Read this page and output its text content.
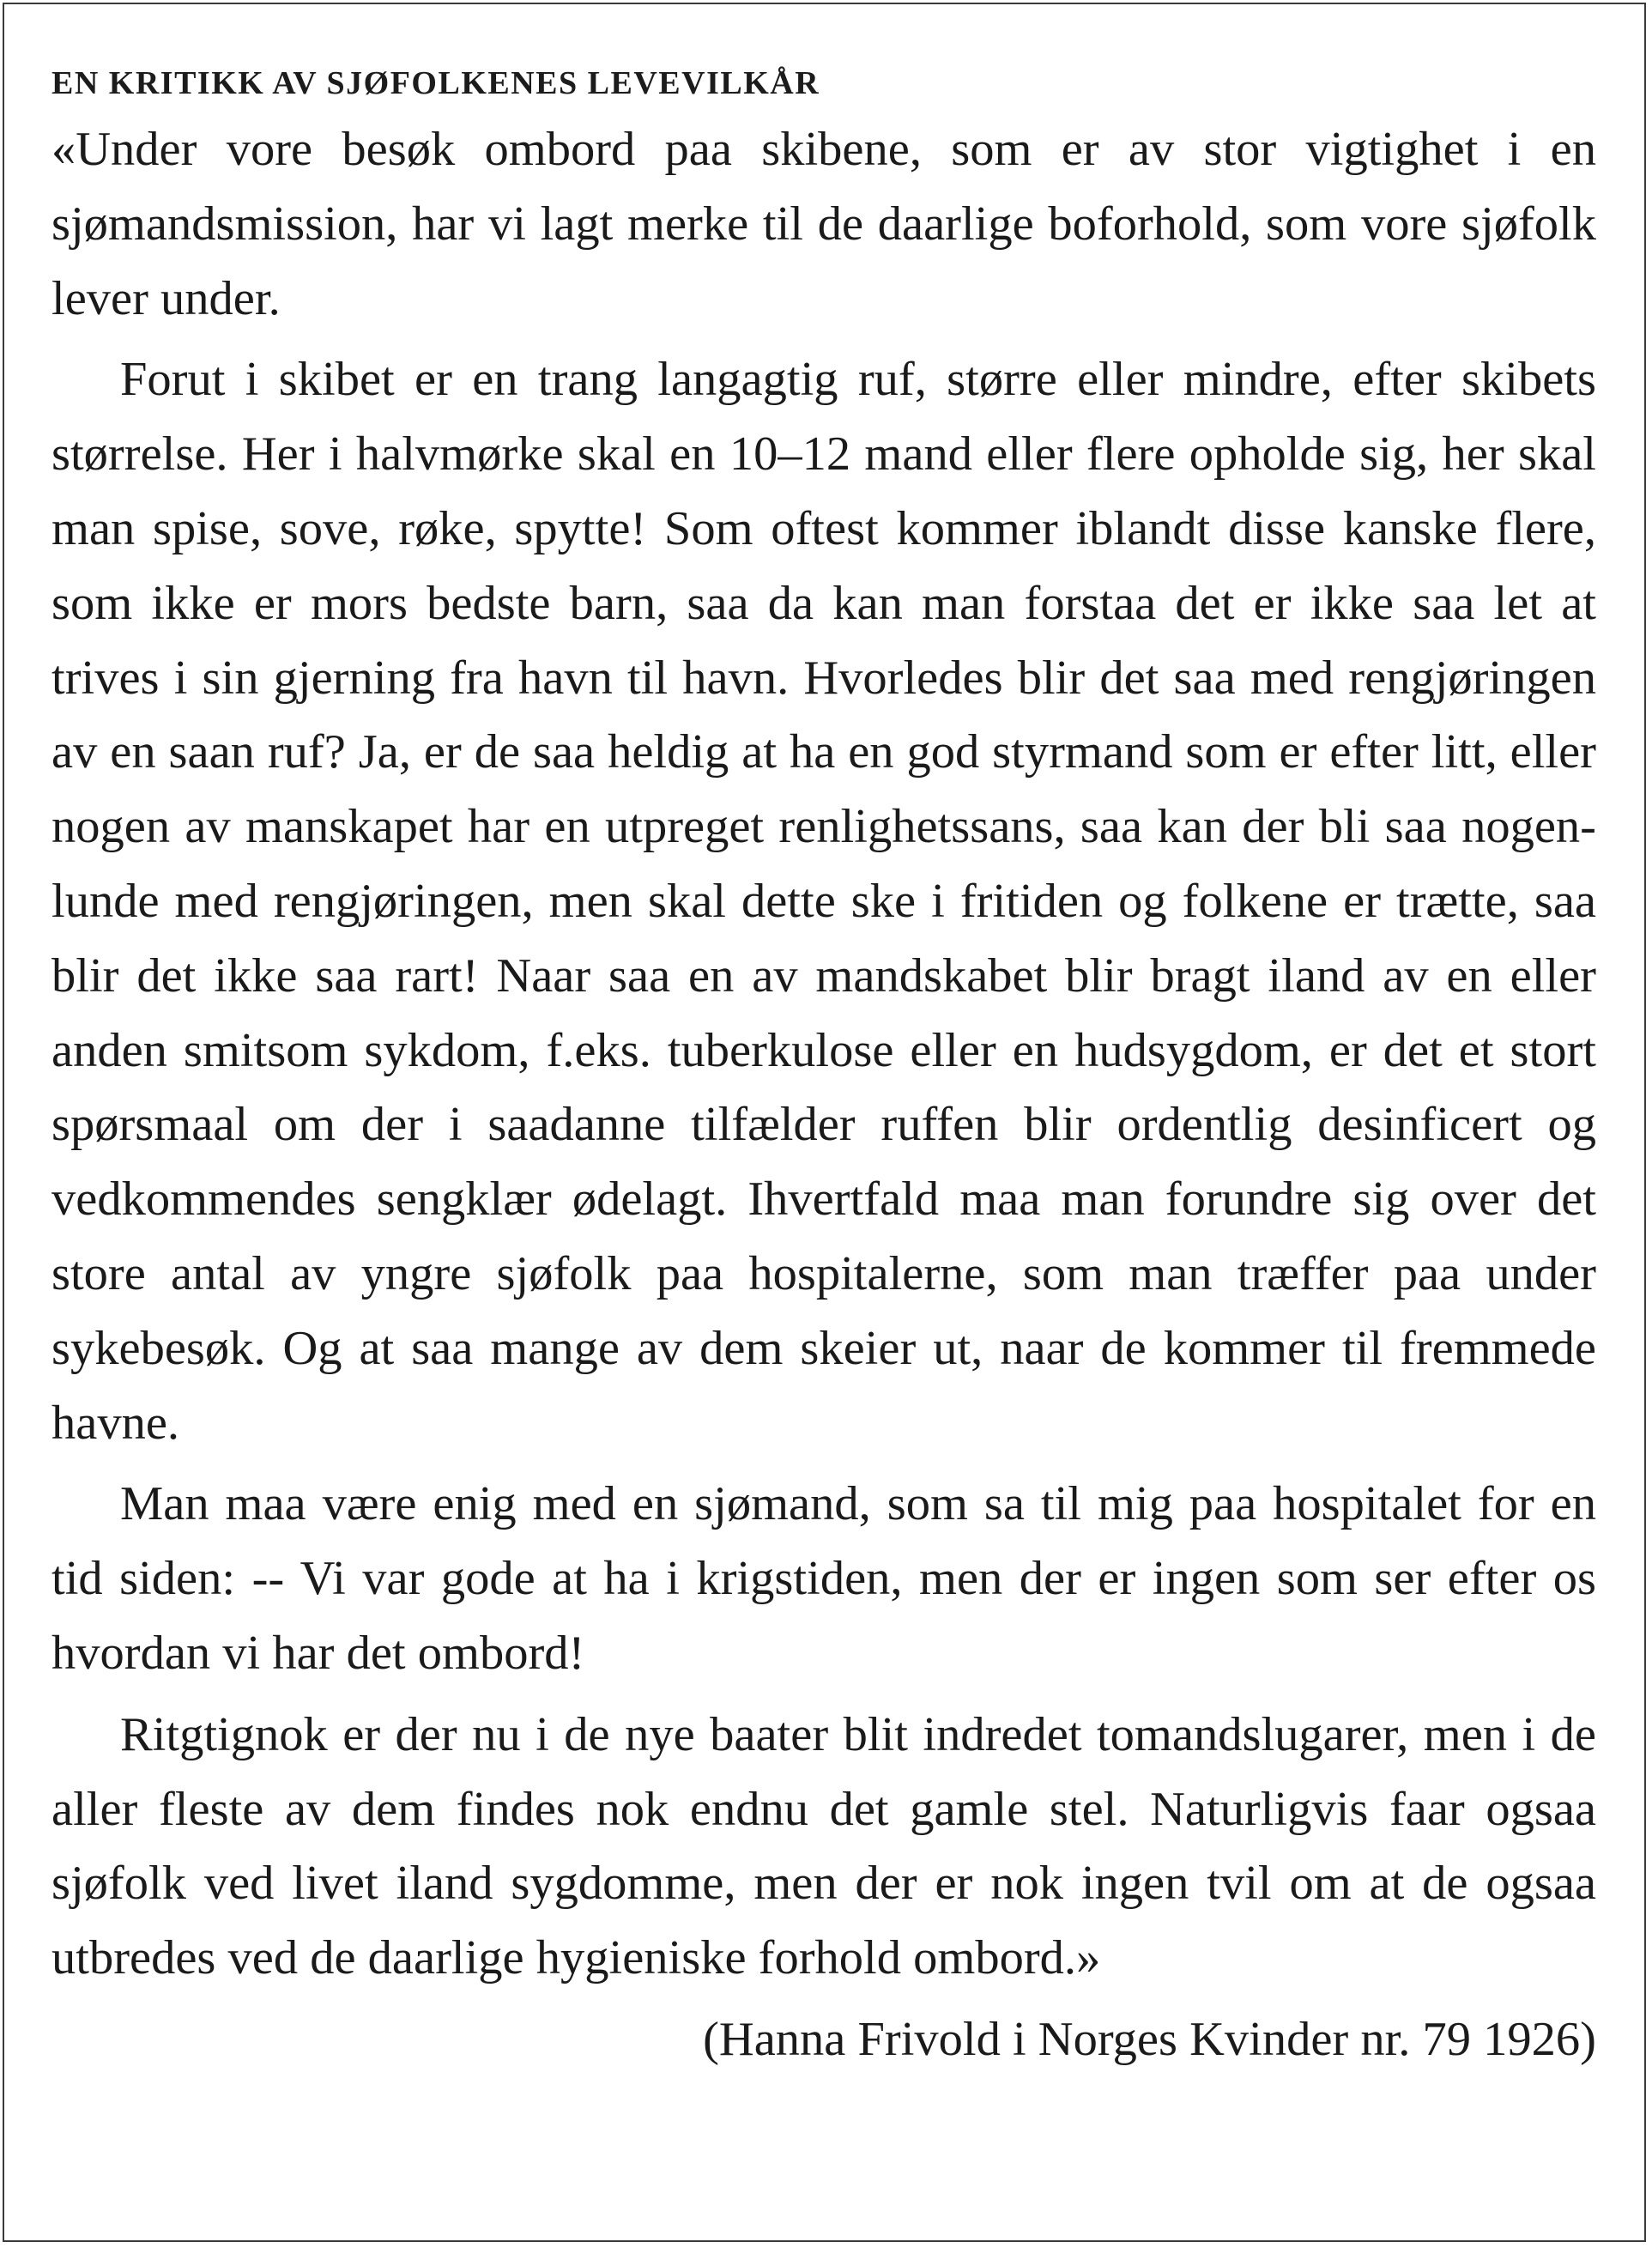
EN KRITIKK AV SJØFOLKENES LEVEVILKÅR

«Under vore besøk ombord paa skibene, som er av stor vigtighet i en sjømandsmission, har vi lagt merke til de daarlige boforhold, som vore sjøfolk lever under.

Forut i skibet er en trang langagtig ruf, større eller mindre, efter skibets størrelse. Her i halvmørke skal en 10–12 mand eller flere opholde sig, her skal man spise, sove, røke, spytte! Som oftest kommer iblandt disse kanske flere, som ikke er mors bedste barn, saa da kan man forstaa det er ikke saa let at trives i sin gjerning fra havn til havn. Hvorledes blir det saa med rengjøringen av en saan ruf? Ja, er de saa heldig at ha en god styrmand som er efter litt, eller nogen av manskapet har en utpreget renlighetssans, saa kan der bli saa nogenlunde med rengjøringen, men skal dette ske i fritiden og folkene er trætte, saa blir det ikke saa rart! Naar saa en av mandskabet blir bragt iland av en eller anden smitsom sykdom, f.eks. tuberkulose eller en hudsygdom, er det et stort spørsmaal om der i saadanne tilfælder ruffen blir ordentlig desinficert og vedkommendes sengklær ødelagt. Ihvertfald maa man forundre sig over det store antal av yngre sjøfolk paa hospitalerne, som man træffer paa under sykebesøk. Og at saa mange av dem skeier ut, naar de kommer til fremmede havne.

Man maa være enig med en sjømand, som sa til mig paa hospitalet for en tid siden: -- Vi var gode at ha i krigstiden, men der er ingen som ser efter os hvordan vi har det ombord!

Ritgtignok er der nu i de nye baater blit indredet tomandslugarer, men i de aller fleste av dem findes nok endnu det gamle stel. Naturligvis faar ogsaa sjøfolk ved livet iland sygdomme, men der er nok ingen tvil om at de ogsaa utbredes ved de daarlige hygieniske forhold ombord.»

(Hanna Frivold i Norges Kvinder nr. 79 1926)
